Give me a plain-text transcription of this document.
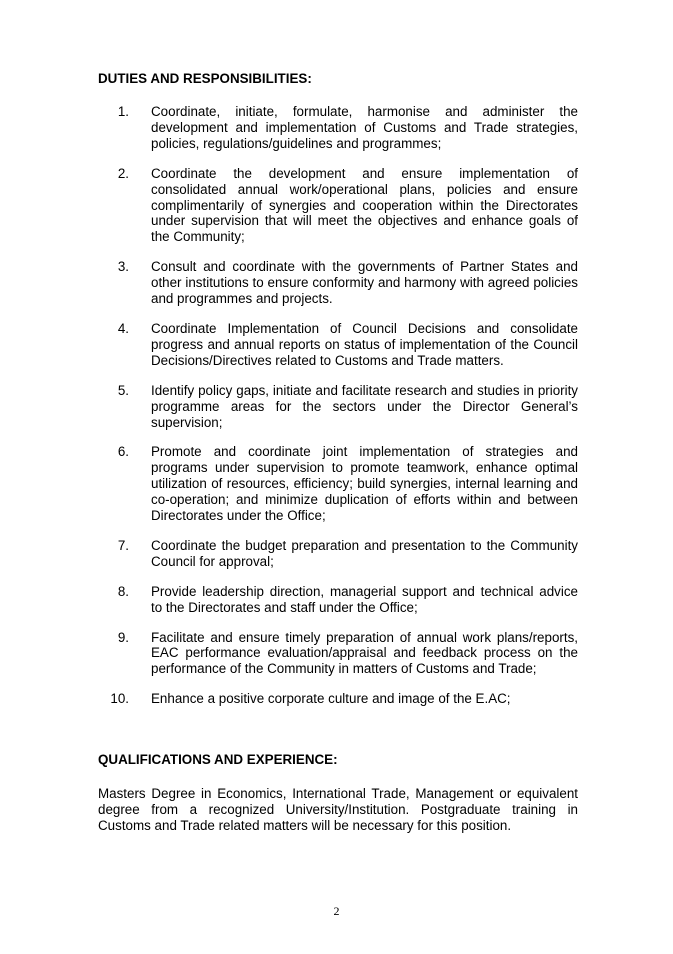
DUTIES AND RESPONSIBILITIES:
1. Coordinate, initiate, formulate, harmonise and administer the development and implementation of Customs and Trade strategies, policies, regulations/guidelines and programmes;
2. Coordinate the development and ensure implementation of consolidated annual work/operational plans, policies and ensure complimentarily of synergies and cooperation within the Directorates under supervision that will meet the objectives and enhance goals of the Community;
3. Consult and coordinate with the governments of Partner States and other institutions to ensure conformity and harmony with agreed policies and programmes and projects.
4. Coordinate Implementation of Council Decisions and consolidate progress and annual reports on status of implementation of the Council Decisions/Directives related to Customs and Trade matters.
5. Identify policy gaps, initiate and facilitate research and studies in priority programme areas for the sectors under the Director General’s supervision;
6. Promote and coordinate joint implementation of strategies and programs under supervision to promote teamwork, enhance optimal utilization of resources, efficiency; build synergies, internal learning and co-operation; and minimize duplication of efforts within and between Directorates under the Office;
7. Coordinate the budget preparation and presentation to the Community Council for approval;
8. Provide leadership direction, managerial support and technical advice to the Directorates and staff under the Office;
9. Facilitate and ensure timely preparation of annual work plans/reports, EAC performance evaluation/appraisal and feedback process on the performance of the Community in matters of Customs and Trade;
10. Enhance a positive corporate culture and image of the E.AC;
QUALIFICATIONS AND EXPERIENCE:

Masters Degree in Economics, International Trade, Management or equivalent degree from a recognized University/Institution. Postgraduate training in Customs and Trade related matters will be necessary for this position.

2
